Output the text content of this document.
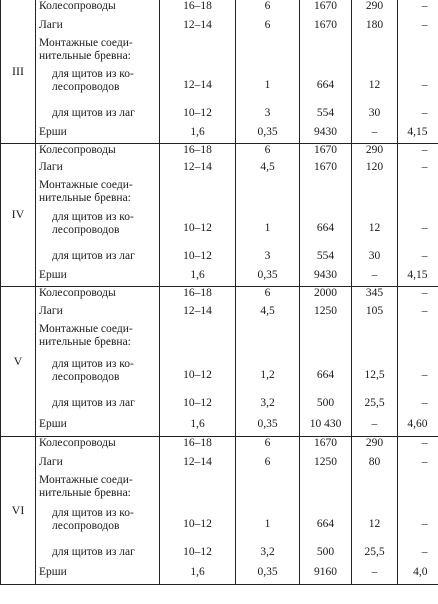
III	Колесопроводы	16–18	6	1670	290	–
	Лаги	12–14	6	1670	180	–

	Монтажные соеди-
нительные бревна:					

	для щитов из ко-
лесопроводов	12–14	1	664	12	–
	для щитов из лаг	10–12	3	554	30	–
	Ерши	1,6	0,35	9430	–	4,15
IV	Колесопроводы	16–18	6	1670	290	–
	Лаги	12–14	4,5	1670	120	–

	Монтажные соеди-
нительные бревна:					

	для щитов из ко-
лесопроводов	10–12	1	664	12	–
	для щитов из лаг	10–12	3	554	30	–
	Ерши	1,6	0,35	9430	–	4,15
V	Колесопроводы	16–18	6	2000	345	–
	Лаги	12–14	4,5	1250	105	–

	Монтажные соеди-
нительные бревна:					

	для щитов из ко-
лесопроводов	10–12	1,2	664	12,5	–
	для щитов из лаг	10–12	3,2	500	25,5	–
	Ерши	1,6	0,35	10 430	–	4,60
VI	Колесопроводы	16–18	6	1670	290	–
	Лаги	12–14	6	1250	80	–

	Монтажные соеди-
нительные бревна:					

	для щитов из ко-
лесопроводов	10–12	1	664	12	–
	для щитов из лаг	10–12	3,2	500	25,5	–
	Ерши	1,6	0,35	9160	–	4,0
